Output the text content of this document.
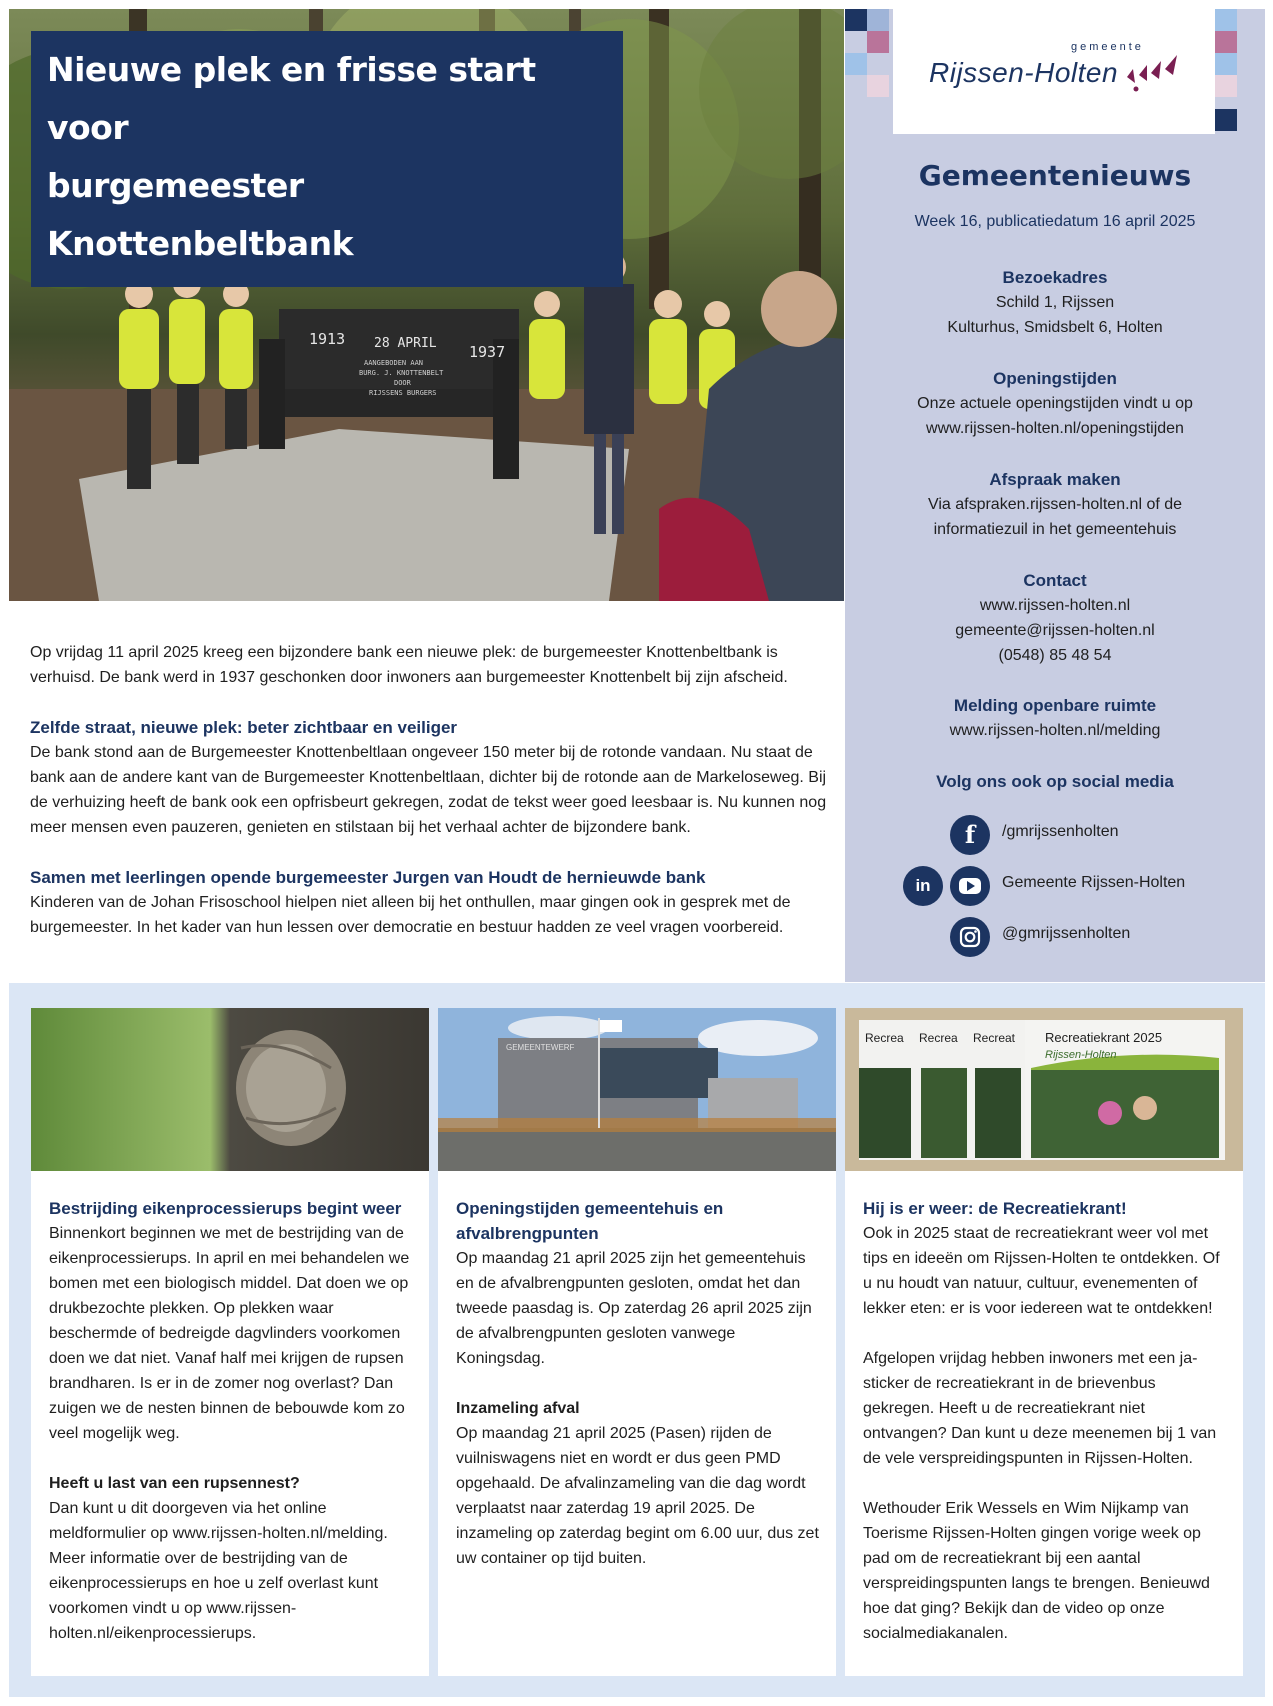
1913
1937
28 APRIL
AANGEBODEN AAN
BURG. J. KNOTTENBELT
DOOR
RIJSSENS BURGERS
Nieuwe plek en frisse start voor
burgemeester Knottenbeltbank
gemeente
Rijssen-Holten
Gemeentenieuws
Week 16, publicatiedatum 16 april 2025
Bezoekadres
Schild 1, Rijssen
Kulturhus, Smidsbelt 6, Holten
Openingstijden
Onze actuele openingstijden vindt u op
www.rijssen-holten.nl/openingstijden
Afspraak maken
Via afspraken.rijssen-holten.nl of de
informatiezuil in het gemeentehuis
Contact
www.rijssen-holten.nl
gemeente@rijssen-holten.nl
(0548) 85 48 54
Melding openbare ruimte
www.rijssen-holten.nl/melding
Volg ons ook op social media
f	/gmrijssenholten
in	Gemeente Rijssen-Holten
@gmrijssenholten

Op vrijdag 11 april 2025 kreeg een bijzondere bank een nieuwe plek: de burgemeester Knottenbeltbank is verhuisd. De bank werd in 1937 geschonken door inwoners aan burgemeester Knottenbelt bij zijn afscheid.

Zelfde straat, nieuwe plek: beter zichtbaar en veiliger

De bank stond aan de Burgemeester Knottenbeltlaan ongeveer 150 meter bij de rotonde vandaan. Nu staat de bank aan de andere kant van de Burgemeester Knottenbeltlaan, dichter bij de rotonde aan de Markeloseweg. Bij de verhuizing heeft de bank ook een opfrisbeurt gekregen, zodat de tekst weer goed leesbaar is. Nu kunnen nog meer mensen even pauzeren, genieten en stilstaan bij het verhaal achter de bijzondere bank.

Samen met leerlingen opende burgemeester Jurgen van Houdt de hernieuwde bank

Kinderen van de Johan Frisoschool hielpen niet alleen bij het onthullen, maar gingen ook in gesprek met de burgemeester. In het kader van hun lessen over democratie en bestuur hadden ze veel vragen voorbereid.

Bestrijding eikenprocessierups begint weer

Binnenkort beginnen we met de bestrijding van de eikenprocessierups. In april en mei behandelen we bomen met een biologisch middel. Dat doen we op drukbezochte plekken. Op plekken waar beschermde of bedreigde dagvlinders voorkomen doen we dat niet. Vanaf half mei krijgen de rupsen brandharen. Is er in de zomer nog overlast? Dan zuigen we de nesten binnen de bebouwde kom zo veel mogelijk weg.

Heeft u last van een rupsennest?

Dan kunt u dit doorgeven via het online meldformulier op www.rijssen-holten.nl/melding. Meer informatie over de bestrijding van de eikenprocessierups en hoe u zelf overlast kunt voorkomen vindt u op www.rijssen-holten.nl/eikenprocessierups.

GEMEENTEWERF
Openingstijden gemeentehuis en afvalbrengpunten

Op maandag 21 april 2025 zijn het gemeentehuis en de afvalbrengpunten gesloten, omdat het dan tweede paasdag is. Op zaterdag 26 april 2025 zijn de afvalbrengpunten gesloten vanwege Koningsdag.

Inzameling afval

Op maandag 21 april 2025 (Pasen) rijden de vuilniswagens niet en wordt er dus geen PMD opgehaald. De afvalinzameling van die dag wordt verplaatst naar zaterdag 19 april 2025. De inzameling op zaterdag begint om 6.00 uur, dus zet uw container op tijd buiten.

Recrea Recrea Recreat Recreatiekrant 2025
Rijssen-Holten
Hij is er weer: de Recreatiekrant!

Ook in 2025 staat de recreatiekrant weer vol met tips en ideeën om Rijssen-Holten te ontdekken. Of u nu houdt van natuur, cultuur, evenementen of lekker eten: er is voor iedereen wat te ontdekken!

Afgelopen vrijdag hebben inwoners met een ja-sticker de recreatiekrant in de brievenbus gekregen. Heeft u de recreatiekrant niet ontvangen? Dan kunt u deze meenemen bij 1 van de vele verspreidingspunten in Rijssen-Holten.

Wethouder Erik Wessels en Wim Nijkamp van Toerisme Rijssen-Holten gingen vorige week op pad om de recreatiekrant bij een aantal verspreidingspunten langs te brengen. Benieuwd hoe dat ging? Bekijk dan de video op onze socialmediakanalen.
